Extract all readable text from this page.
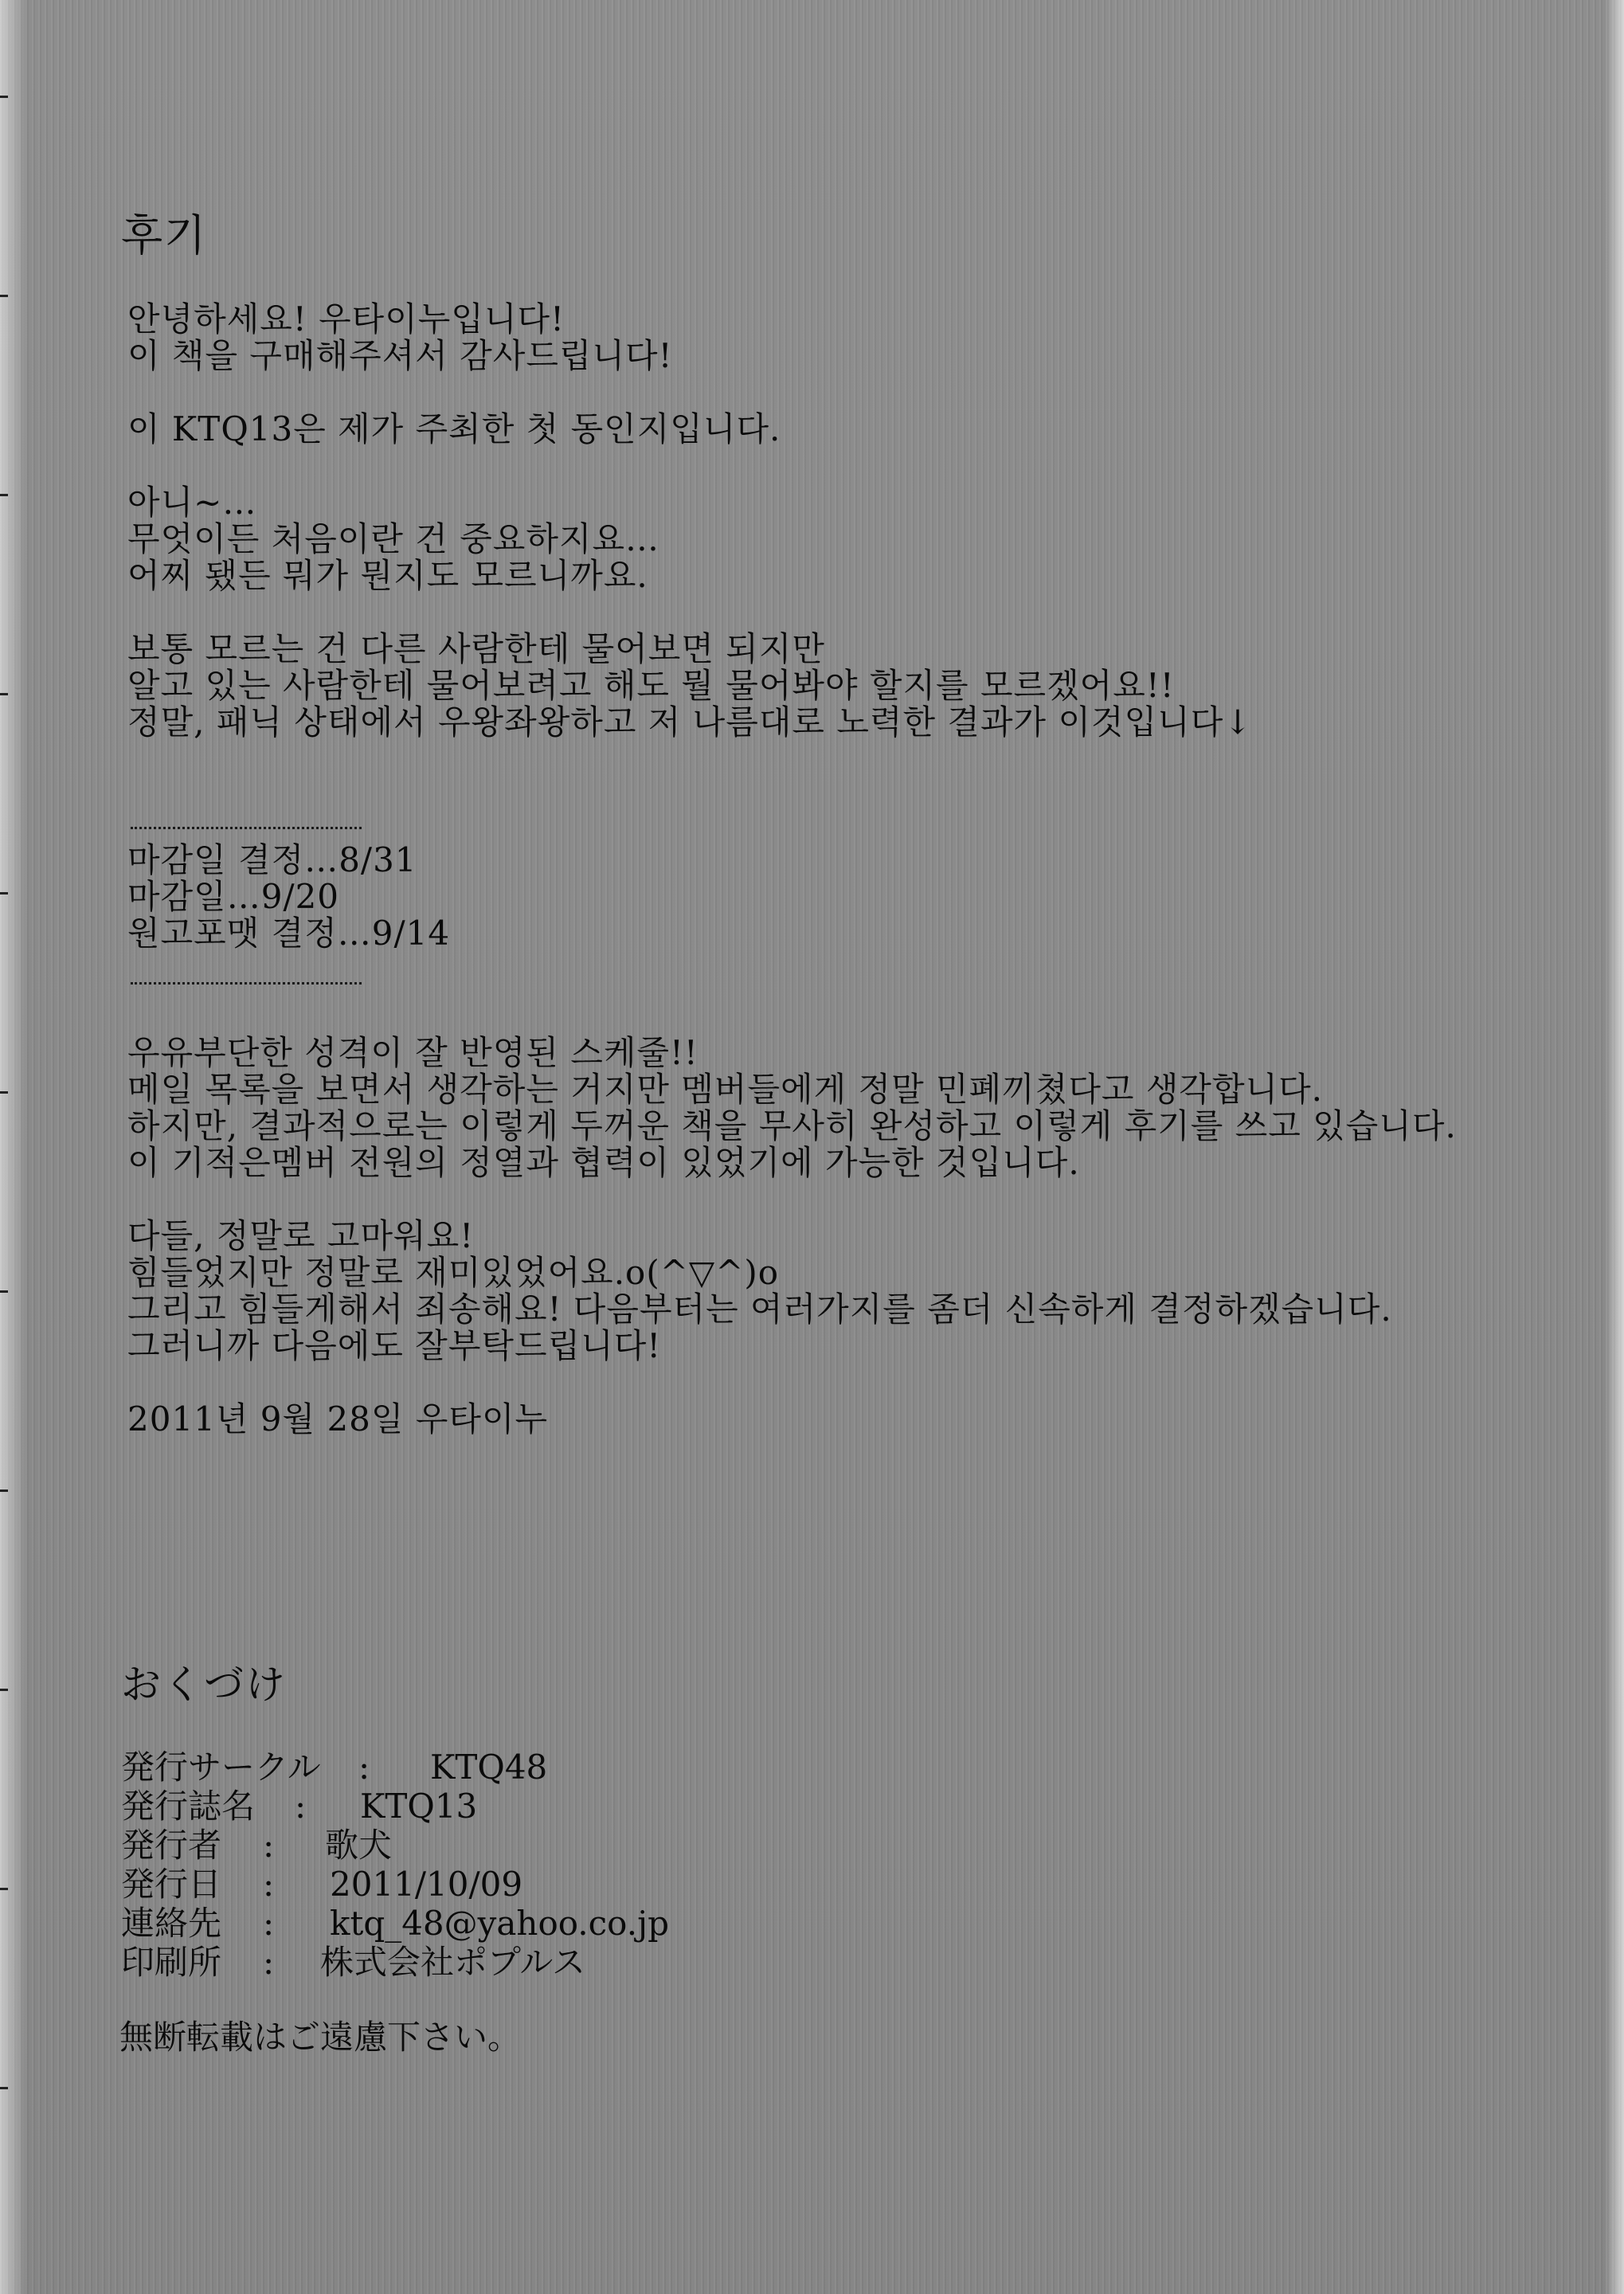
후기
안녕하세요! 우타이누입니다!
이 책을 구매해주셔서 감사드립니다!
이 KTQ13은 제가 주최한 첫 동인지입니다.
아니~…
무엇이든 처음이란 건 중요하지요…
어찌 됐든 뭐가 뭔지도 모르니까요.
보통 모르는 건 다른 사람한테 물어보면 되지만
알고 있는 사람한테 물어보려고 해도 뭘 물어봐야 할지를 모르겠어요!!
정말, 패닉 상태에서 우왕좌왕하고 저 나름대로 노력한 결과가 이것입니다↓
마감일 결정…8/31
마감일…9/20
원고포맷 결정…9/14
우유부단한 성격이 잘 반영된 스케줄!!
메일 목록을 보면서 생각하는 거지만 멤버들에게 정말 민폐끼쳤다고 생각합니다.
하지만, 결과적으로는 이렇게 두꺼운 책을 무사히 완성하고 이렇게 후기를 쓰고 있습니다.
이 기적은멤버 전원의 정열과 협력이 있었기에 가능한 것입니다.
다들, 정말로 고마워요!
힘들었지만 정말로 재미있었어요.o(^▽^)o
그리고 힘들게해서 죄송해요! 다음부터는 여러가지를 좀더 신속하게 결정하겠습니다.
그러니까 다음에도 잘부탁드립니다!
2011년 9월 28일 우타이누
おくづけ
発行サークル : KTQ48
発行誌名 : KTQ13
発行者 : 歌犬
発行日 : 2011/10/09
連絡先 : ktq_48@yahoo.co.jp
印刷所 : 株式会社ポプルス
無断転載はご遠慮下さい。
